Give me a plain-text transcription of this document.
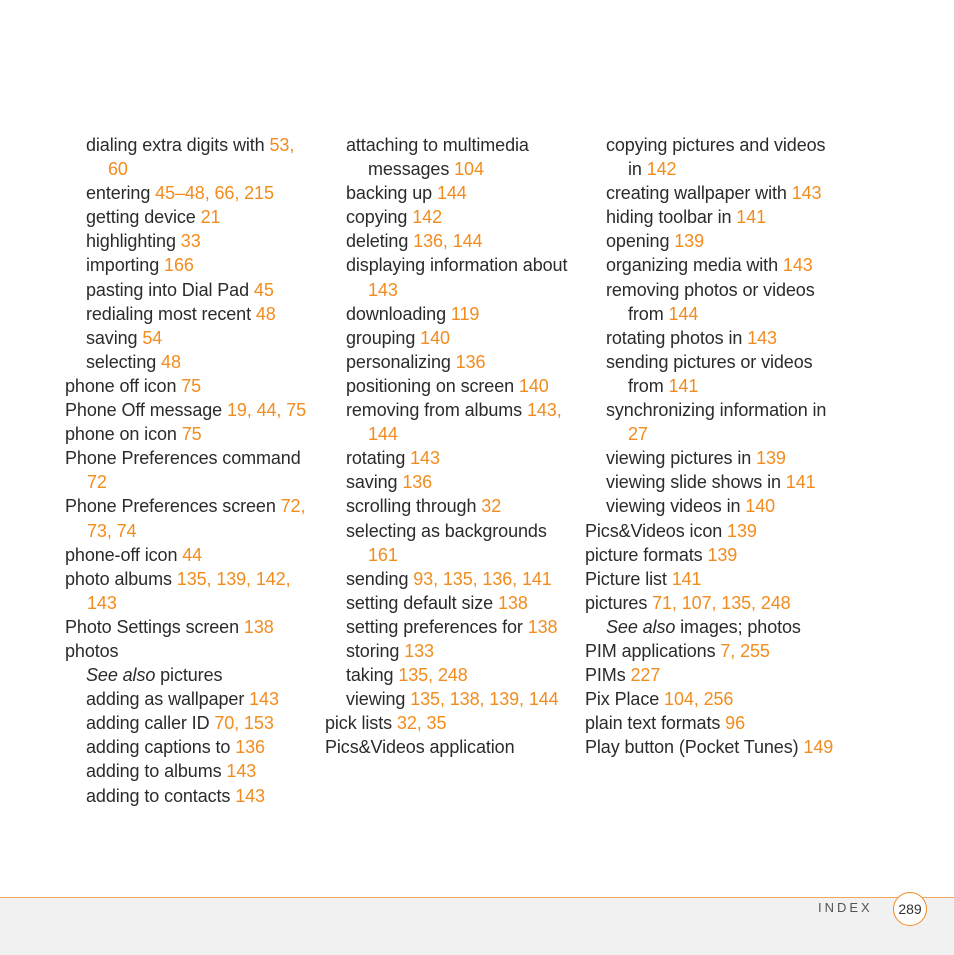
dialing extra digits with 53, 60
entering 45–48, 66, 215
getting device 21
highlighting 33
importing 166
pasting into Dial Pad 45
redialing most recent 48
saving 54
selecting 48
phone off icon 75
Phone Off message 19, 44, 75
phone on icon 75
Phone Preferences command 72
Phone Preferences screen 72, 73, 74
phone-off icon 44
photo albums 135, 139, 142, 143
Photo Settings screen 138
photos
See also pictures
adding as wallpaper 143
adding caller ID 70, 153
adding captions to 136
adding to albums 143
adding to contacts 143
attaching to multimedia messages 104
backing up 144
copying 142
deleting 136, 144
displaying information about 143
downloading 119
grouping 140
personalizing 136
positioning on screen 140
removing from albums 143, 144
rotating 143
saving 136
scrolling through 32
selecting as backgrounds 161
sending 93, 135, 136, 141
setting default size 138
setting preferences for 138
storing 133
taking 135, 248
viewing 135, 138, 139, 144
pick lists 32, 35
Pics&Videos application
copying pictures and videos in 142
creating wallpaper with 143
hiding toolbar in 141
opening 139
organizing media with 143
removing photos or videos from 144
rotating photos in 143
sending pictures or videos from 141
synchronizing information in 27
viewing pictures in 139
viewing slide shows in 141
viewing videos in 140
Pics&Videos icon 139
picture formats 139
Picture list 141
pictures 71, 107, 135, 248
See also images; photos
PIM applications 7, 255
PIMs 227
Pix Place 104, 256
plain text formats 96
Play button (Pocket Tunes) 149
INDEX	289
